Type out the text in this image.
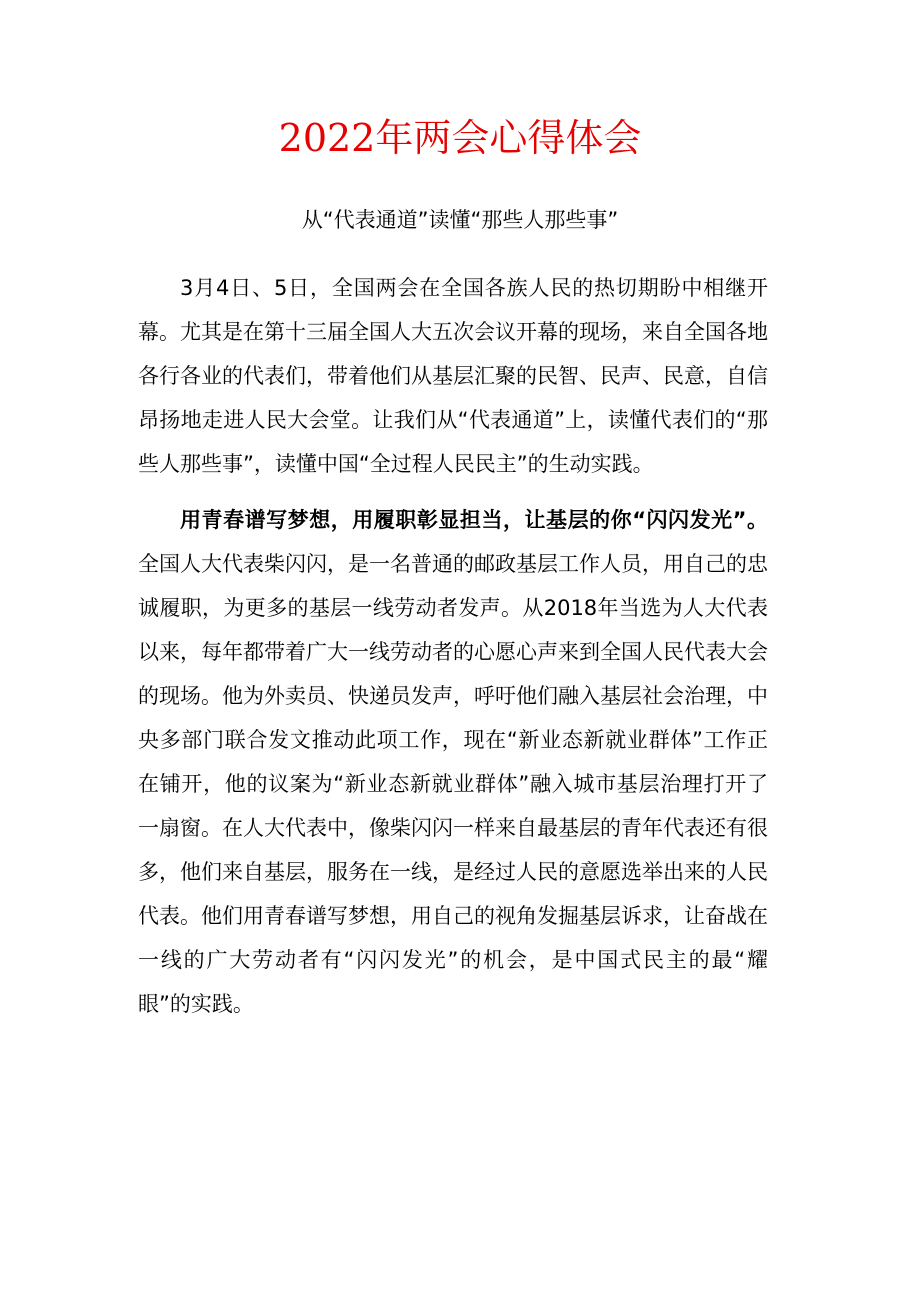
2022年两会心得体会
从“代表通道”读懂“那些人那些事”

3月4日、5日，全国两会在全国各族人民的热切期盼中相继开幕。尤其是在第十三届全国人大五次会议开幕的现场，来自全国各地各行各业的代表们，带着他们从基层汇聚的民智、民声、民意，自信昂扬地走进人民大会堂。让我们从“代表通道”上，读懂代表们的“那些人那些事”，读懂中国“全过程人民民主”的生动实践。

用青春谱写梦想，用履职彰显担当，让基层的你“闪闪发光”。全国人大代表柴闪闪，是一名普通的邮政基层工作人员，用自己的忠诚履职，为更多的基层一线劳动者发声。从2018年当选为人大代表以来，每年都带着广大一线劳动者的心愿心声来到全国人民代表大会的现场。他为外卖员、快递员发声，呼吁他们融入基层社会治理，中央多部门联合发文推动此项工作，现在“新业态新就业群体”工作正在铺开，他的议案为“新业态新就业群体”融入城市基层治理打开了一扇窗。在人大代表中，像柴闪闪一样来自最基层的青年代表还有很多，他们来自基层，服务在一线，是经过人民的意愿选举出来的人民代表。他们用青春谱写梦想，用自己的视角发掘基层诉求，让奋战在一线的广大劳动者有“闪闪发光”的机会，是中国式民主的最“耀眼”的实践。
